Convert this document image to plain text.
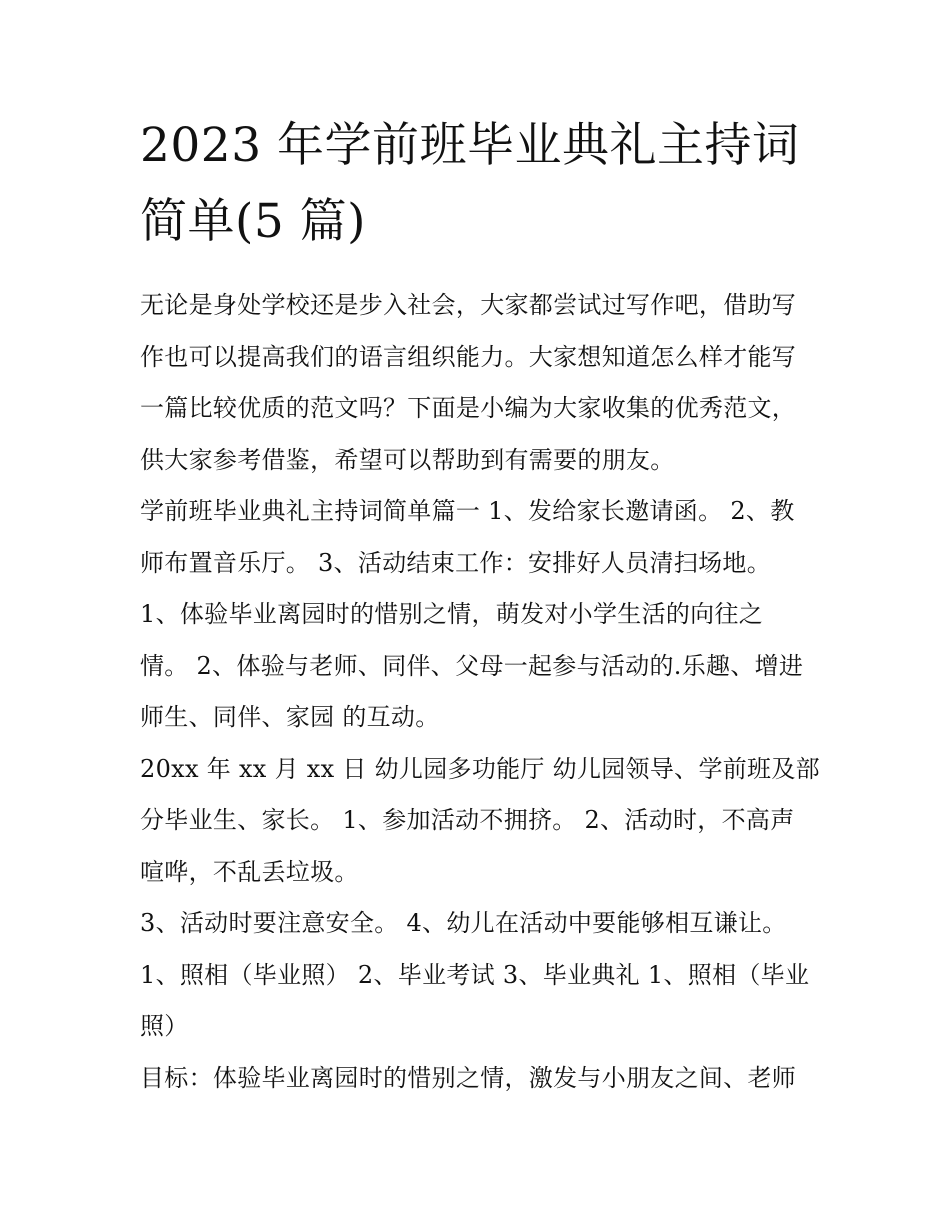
2023 年学前班毕业典礼主持词
简单(5 篇)

无论是身处学校还是步入社会，大家都尝试过写作吧，借助写
作也可以提高我们的语言组织能力。大家想知道怎么样才能写
一篇比较优质的范文吗？下面是小编为大家收集的优秀范文，
供大家参考借鉴，希望可以帮助到有需要的朋友。

学前班毕业典礼主持词简单篇一 1、发给家长邀请函。 2、教
师布置音乐厅。 3、活动结束工作：安排好人员清扫场地。

1、体验毕业离园时的惜别之情，萌发对小学生活的向往之
情。 2、体验与老师、同伴、父母一起参与活动的.乐趣、增进
师生、同伴、家园 的互动。

20xx 年 xx 月 xx 日 幼儿园多功能厅 幼儿园领导、学前班及部
分毕业生、家长。 1、参加活动不拥挤。 2、活动时，不高声
喧哗，不乱丢垃圾。

3、活动时要注意安全。 4、幼儿在活动中要能够相互谦让。

1、照相（毕业照） 2、毕业考试 3、毕业典礼 1、照相（毕业
照）

目标：体验毕业离园时的惜别之情，激发与小朋友之间、老师
